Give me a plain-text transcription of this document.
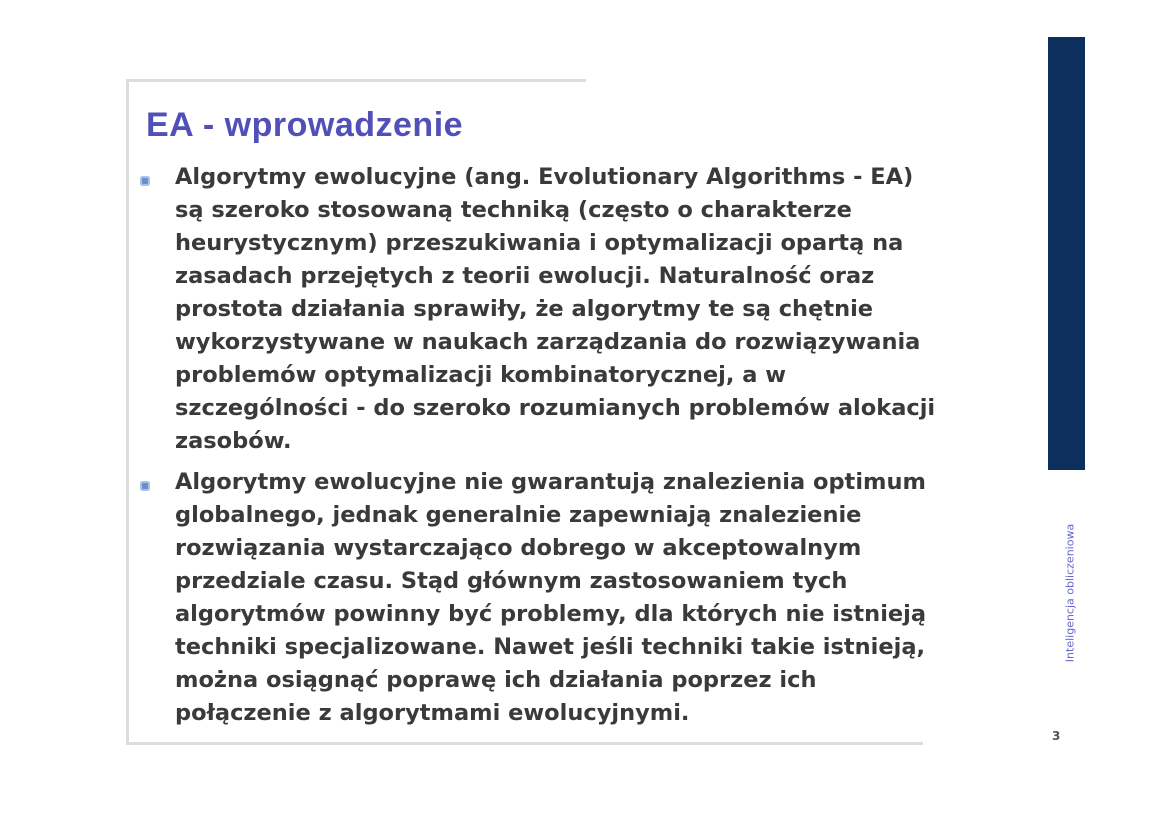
EA - wprowadzenie
Algorytmy ewolucyjne (ang. Evolutionary Algorithms - EA)
są szeroko stosowaną techniką (często o charakterze
heurystycznym) przeszukiwania i optymalizacji opartą na
zasadach przejętych z teorii ewolucji. Naturalność oraz
prostota działania sprawiły, że algorytmy te są chętnie
wykorzystywane w naukach zarządzania do rozwiązywania
problemów optymalizacji kombinatorycznej, a w
szczególności - do szeroko rozumianych problemów alokacji
zasobów.
Algorytmy ewolucyjne nie gwarantują znalezienia optimum
globalnego, jednak generalnie zapewniają znalezienie
rozwiązania wystarczająco dobrego w akceptowalnym
przedziale czasu. Stąd głównym zastosowaniem tych
algorytmów powinny być problemy, dla których nie istnieją
techniki specjalizowane. Nawet jeśli techniki takie istnieją,
można osiągnąć poprawę ich działania poprzez ich
połączenie z algorytmami ewolucyjnymi.
Inteligencja obliczeniowa
3
